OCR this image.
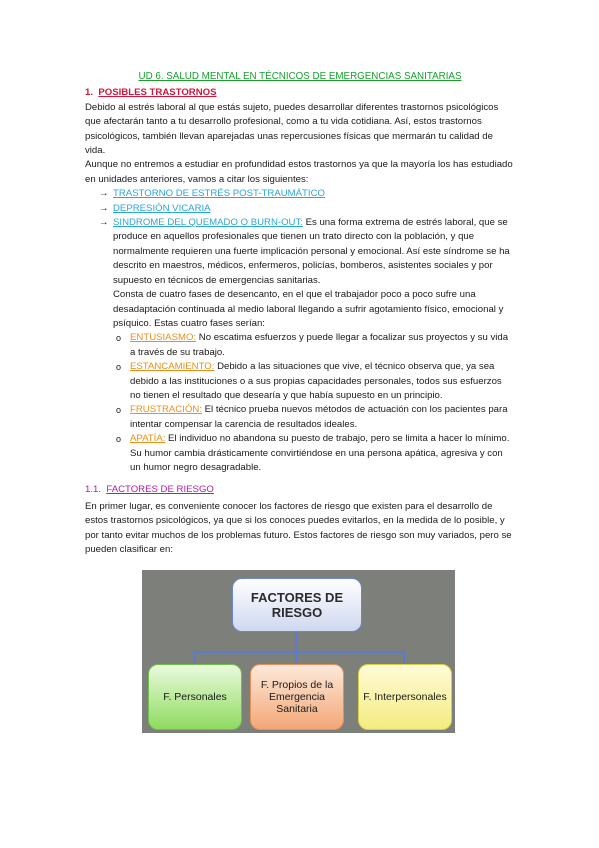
UD 6. SALUD MENTAL EN TÉCNICOS DE EMERGENCIAS SANITARIAS

1. POSIBLES TRASTORNOS

Debido al estrés laboral al que estás sujeto, puedes desarrollar diferentes trastornos psicológicos que afectarán tanto a tu desarrollo profesional, como a tu vida cotidiana. Así, estos trastornos psicológicos, también llevan aparejadas unas repercusiones físicas que mermarán tu calidad de vida.

Aunque no entremos a estudiar en profundidad estos trastornos ya que la mayoría los has estudiado en unidades anteriores, vamos a citar los siguientes:

→ TRASTORNO DE ESTRÉS POST-TRAUMÁTICO
→ DEPRESIÓN VICARIA
→ SINDROME DEL QUEMADO O BURN-OUT: Es una forma extrema de estrés laboral, que se produce en aquellos profesionales que tienen un trato directo con la población, y que normalmente requieren una fuerte implicación personal y emocional. Así este síndrome se ha descrito en maestros, médicos, enfermeros, policías, bomberos, asistentes sociales y por supuesto en técnicos de emergencias sanitarias.

Consta de cuatro fases de desencanto, en el que el trabajador poco a poco sufre una desadaptación continuada al medio laboral llegando a sufrir agotamiento físico, emocional y psíquico. Estas cuatro fases serían:

o ENTUSIASMO: No escatima esfuerzos y puede llegar a focalizar sus proyectos y su vida a través de su trabajo.
o ESTANCAMIENTO: Debido a las situaciones que vive, el técnico observa que, ya sea debido a las instituciones o a sus propias capacidades personales, todos sus esfuerzos no tienen el resultado que desearía y que había supuesto en un principio.
o FRUSTRACIÓN: El técnico prueba nuevos métodos de actuación con los pacientes para intentar compensar la carencia de resultados ideales.
o APATÍA: El individuo no abandona su puesto de trabajo, pero se limita a hacer lo mínimo. Su humor cambia drásticamente convirtiéndose en una persona apática, agresiva y con un humor negro desagradable.

1.1. FACTORES DE RIESGO

En primer lugar, es conveniente conocer los factores de riesgo que existen para el desarrollo de estos trastornos psicológicos, ya que si los conoces puedes evitarlos, en la medida de lo posible, y por tanto evitar muchos de los problemas futuro. Estos factores de riesgo son muy variados, pero se pueden clasificar en:

FACTORES DE RIESGO
F. Personales
F. Propios de la Emergencia Sanitaria
F. Interpersonales
